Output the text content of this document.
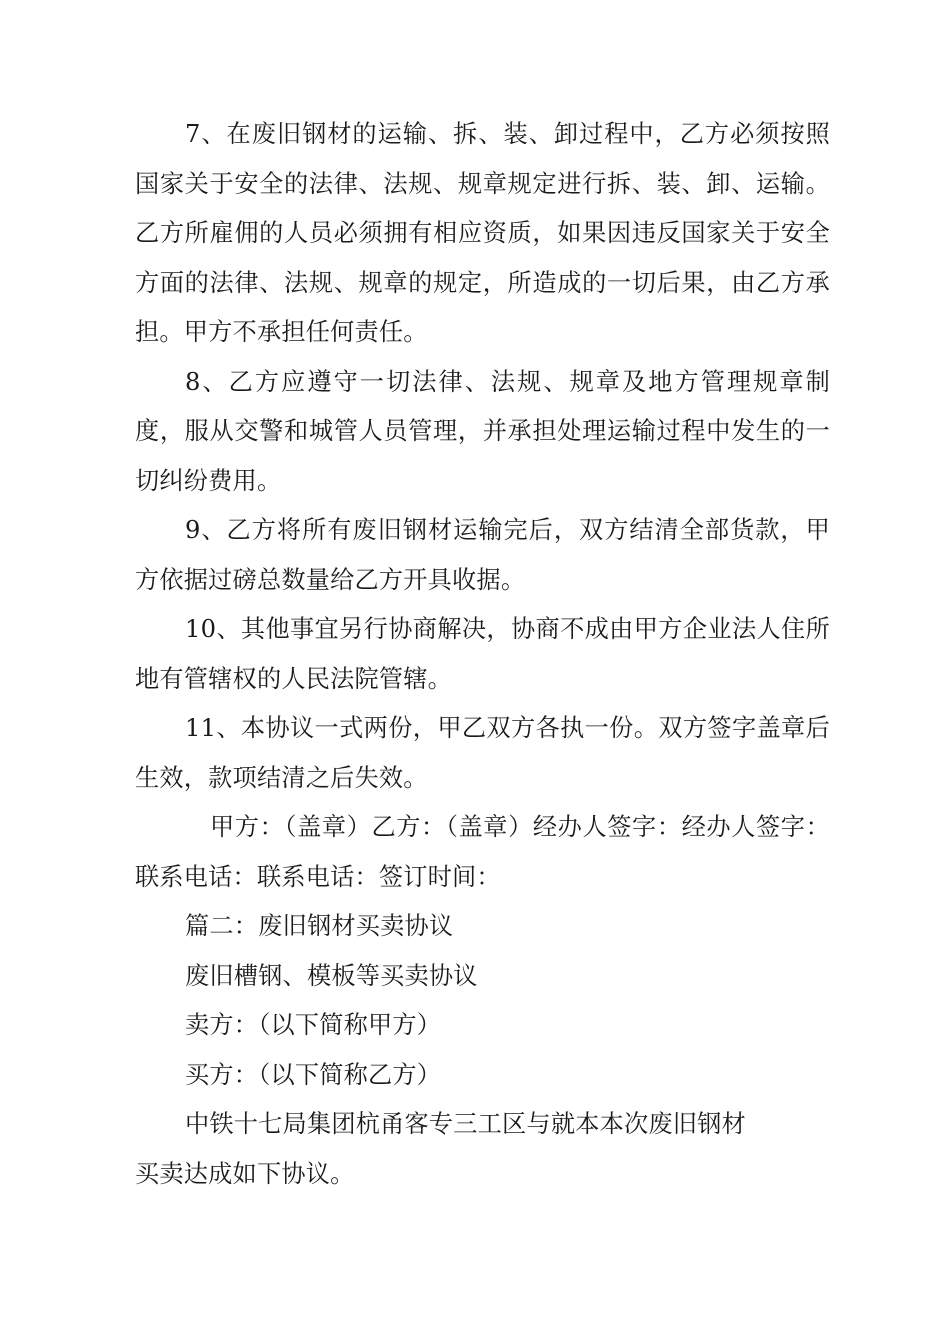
7、在废旧钢材的运输、拆、装、卸过程中，乙方必须按照国家关于安全的法律、法规、规章规定进行拆、装、卸、运输。乙方所雇佣的人员必须拥有相应资质，如果因违反国家关于安全方面的法律、法规、规章的规定，所造成的一切后果，由乙方承担。甲方不承担任何责任。

8、乙方应遵守一切法律、法规、规章及地方管理规章制度，服从交警和城管人员管理，并承担处理运输过程中发生的一切纠纷费用。

9、乙方将所有废旧钢材运输完后，双方结清全部货款，甲方依据过磅总数量给乙方开具收据。

10、其他事宜另行协商解决，协商不成由甲方企业法人住所地有管辖权的人民法院管辖。

11、本协议一式两份，甲乙双方各执一份。双方签字盖章后生效，款项结清之后失效。

甲方：（盖章）乙方：（盖章）经办人签字：经办人签字：联系电话：联系电话：签订时间：

篇二：废旧钢材买卖协议

废旧槽钢、模板等买卖协议

卖方：（以下简称甲方）

买方：（以下简称乙方）

中铁十七局集团杭甬客专三工区与就本本次废旧钢材

买卖达成如下协议。
